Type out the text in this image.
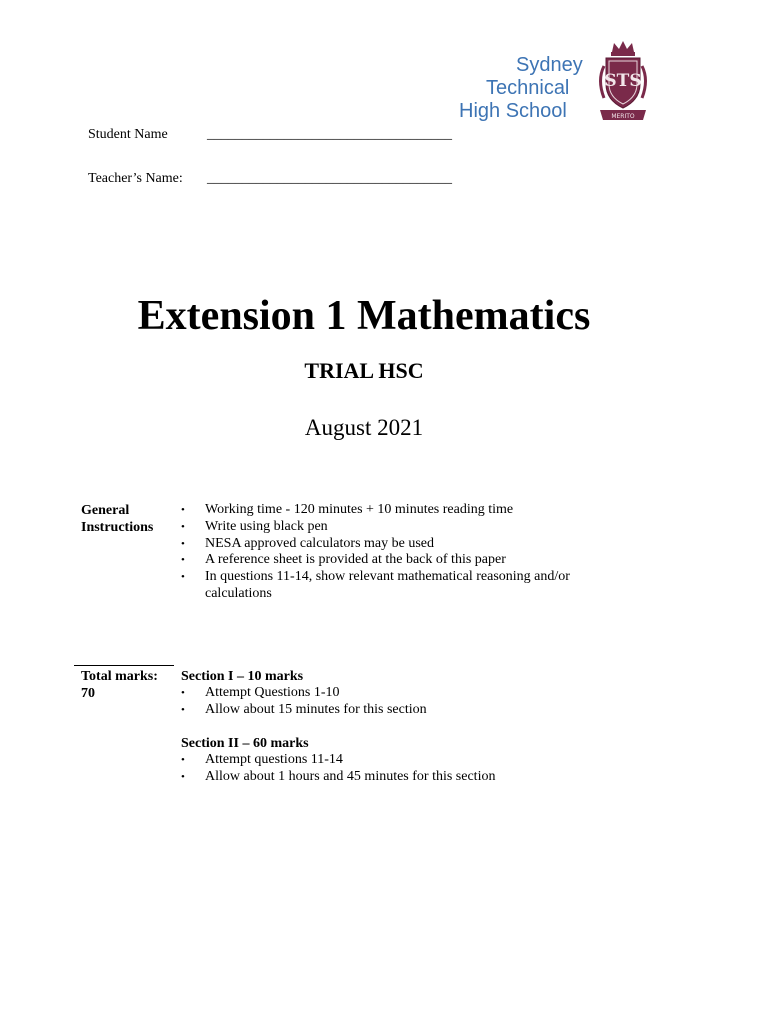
Sydney
Technical
High School
STS
MERITO
Student Name	___________________________________
Teacher’s Name: ___________________________________
Extension 1 Mathematics
TRIAL HSC
August 2021
General
Instructions
• Working time - 120 minutes + 10 minutes reading time
• Write using black pen
• NESA approved calculators may be used
• A reference sheet is provided at the back of this paper
• In questions 11-14, show relevant mathematical reasoning and/or calculations
Total marks:
70
Section I – 10 marks
• Attempt Questions 1-10
• Allow about 15 minutes for this section
Section II – 60 marks
• Attempt questions 11-14
• Allow about 1 hours and 45 minutes for this section
